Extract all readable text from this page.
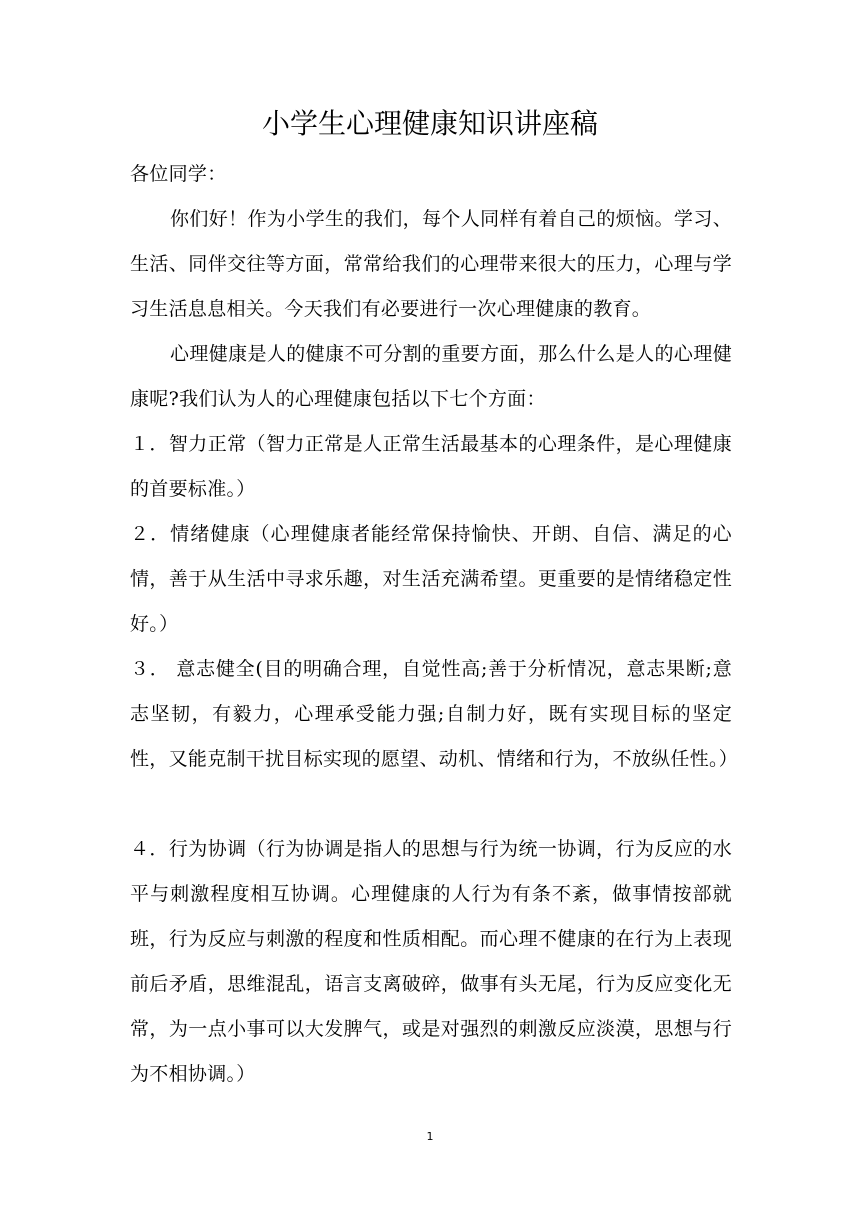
小学生心理健康知识讲座稿

各位同学：

你们好！作为小学生的我们，每个人同样有着自己的烦恼。学习、生活、同伴交往等方面，常常给我们的心理带来很大的压力，心理与学习生活息息相关。今天我们有必要进行一次心理健康的教育。

心理健康是人的健康不可分割的重要方面，那么什么是人的心理健康呢?我们认为人的心理健康包括以下七个方面：

１．智力正常（智力正常是人正常生活最基本的心理条件，是心理健康的首要标准。）

２．情绪健康（心理健康者能经常保持愉快、开朗、自信、满足的心情，善于从生活中寻求乐趣，对生活充满希望。更重要的是情绪稳定性好。）

３． 意志健全(目的明确合理，自觉性高;善于分析情况，意志果断;意志坚韧，有毅力，心理承受能力强;自制力好，既有实现目标的坚定性，又能克制干扰目标实现的愿望、动机、情绪和行为，不放纵任性。）

４．行为协调（行为协调是指人的思想与行为统一协调，行为反应的水平与刺激程度相互协调。心理健康的人行为有条不紊，做事情按部就班，行为反应与刺激的程度和性质相配。而心理不健康的在行为上表现前后矛盾，思维混乱，语言支离破碎，做事有头无尾，行为反应变化无常，为一点小事可以大发脾气，或是对强烈的刺激反应淡漠，思想与行为不相协调。）

1
